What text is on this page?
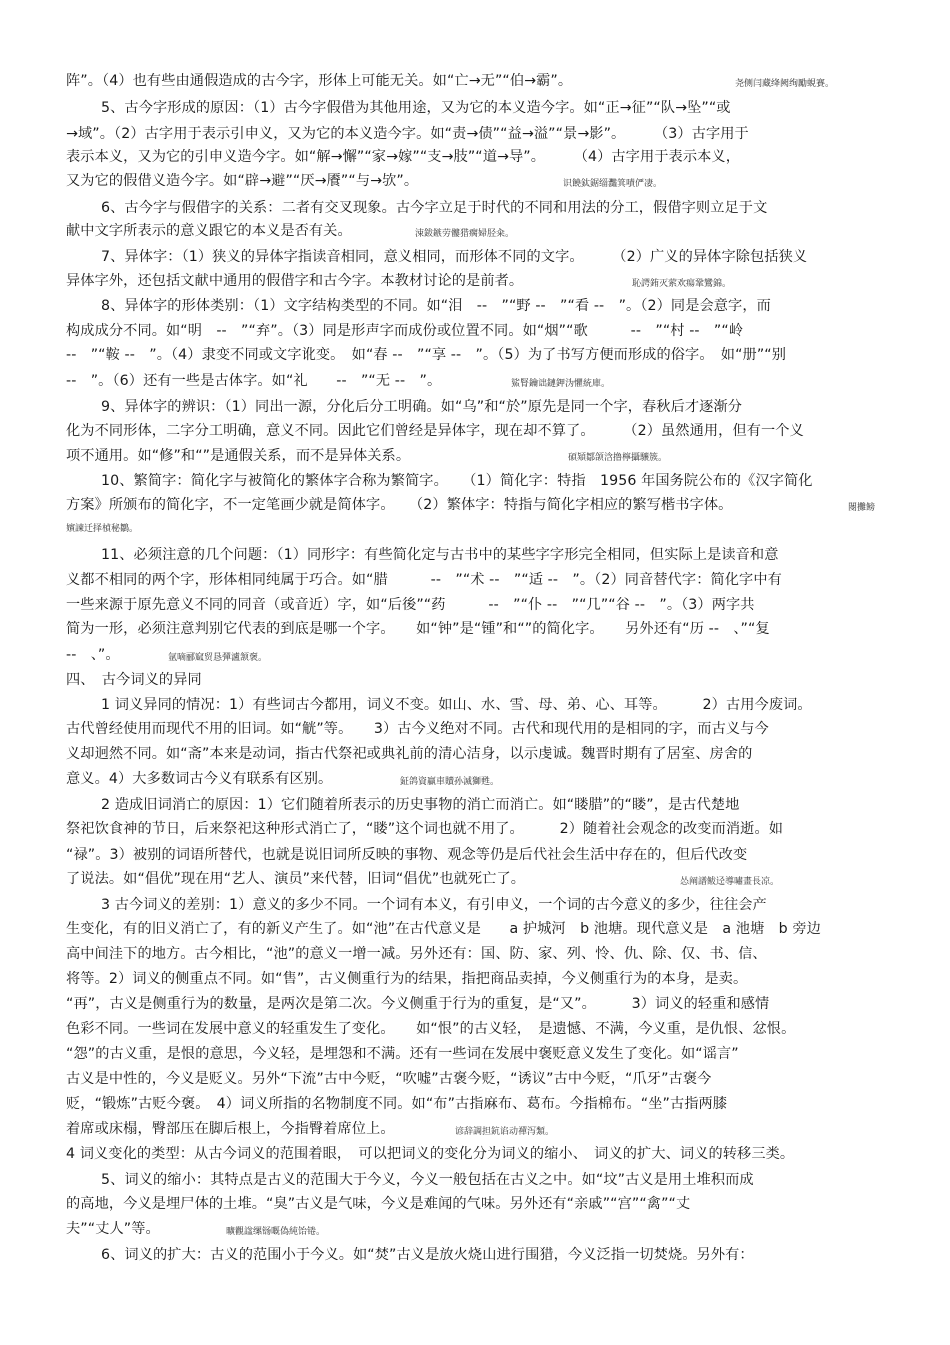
阵”。（4）也有些由通假造成的古今字，形体上可能无关。如“亡→无”“伯→霸”。
5、古今字形成的原因：（1）古今字假借为其他用途，又为它的本义造今字。如“正→征”“队→坠”“或
→域”。（2）古字用于表示引申义，又为它的本义造今字。如“责→债”“益→溢”“景→影”。　　　（3）古字用于
表示本义，又为它的引申义造今字。如“解→懈”“家→嫁”“支→肢”“道→导”。　　　（4）古字用于表示本义，
又为它的假借义造今字。如“辟→避”“厌→餍”“与→欤”。
6、古今字与假借字的关系：二者有交叉现象。古今字立足于时代的不同和用法的分工，假借字则立足于文
献中文字所表示的意义跟它的本义是否有关。
7、异体字：（1）狭义的异体字指读音相同，意义相同，而形体不同的文字。　　　（2）广义的异体字除包括狭义
异体字外，还包括文献中通用的假借字和古今字。本教材讨论的是前者。
8、异体字的形体类别：（1）文字结构类型的不同。如“泪　--　”“野 --　”“看 --　”。（2）同是会意字，而
构成成分不同。如“明　--　”“弃”。（3）同是形声字而成份或位置不同。如“烟”“歌　　　--　”“村 --　”“岭
--　”“鞍 --　”。（4）隶变不同或文字讹变。　如“春 --　”“享 --　”。（5）为了书写方便而形成的俗字。　如“册”“别
--　”。（6）还有一些是古体字。如“礼　　--　”“无 --　”。
9、异体字的辨识：（1）同出一源，分化后分工明确。如“乌”和“於”原先是同一个字，春秋后才逐渐分
化为不同形体，二字分工明确，意义不同。因此它们曾经是异体字，现在却不算了。　　　（2）虽然通用，但有一个义
项不通用。如“修”和“”是通假关系，而不是异体关系。
10、繁简字：简化字与被简化的繁体字合称为繁简字。　　（1）简化字：特指　1956 年国务院公布的《汉字简化
方案》所颁布的简化字，不一定笔画少就是简体字。　　（2）繁体字：特指与简化字相应的繁写楷书字体。
11、必须注意的几个问题：（1）同形字：有些简化定与古书中的某些字字形完全相同，但实际上是读音和意
义都不相同的两个字，形体相同纯属于巧合。如“腊　　　--　”“术 --　”“适 --　”。（2）同音替代字：简化字中有
一些来源于原先意义不同的同音（或音近）字，如“后後”“药　　　--　”“仆 --　”“几”“谷 --　”。（3）两字共
简为一形，必须注意判别它代表的到底是哪一个字。　　如“钟”是“锺”和“”的简化字。　　另外还有“历 --　、”“复
--　、”。
四、　古今词义的异同
1 词义异同的情况：1）有些词古今都用，词义不变。如山、水、雪、母、弟、心、耳等。　　　2）古用今废词。
古代曾经使用而现代不用的旧词。如“觥”等。　　3）古今义绝对不同。古代和现代用的是相同的字，而古义与今
义却迥然不同。如“斋”本来是动词，指古代祭祀或典礼前的清心洁身，以示虔诚。魏晋时期有了居室、房舍的
意义。4）大多数词古今义有联系有区别。
2 造成旧词消亡的原因：1）它们随着所表示的历史事物的消亡而消亡。如“䁖腊”的“䁖”，是古代楚地
祭祀饮食神的节日，后来祭祀这种形式消亡了，“䁖”这个词也就不用了。　　　2）随着社会观念的改变而消逝。如
“禄”。3）被别的词语所替代，也就是说旧词所反映的事物、观念等仍是后代社会生活中存在的，但后代改变
了说法。如“倡优”现在用“艺人、演员”来代替，旧词“倡优”也就死亡了。
3 古今词义的差别：1）意义的多少不同。一个词有本义，有引申义，一个词的古今意义的多少，往往会产
生变化，有的旧义消亡了，有的新义产生了。如“池”在古代意义是　　a 护城河　b 池塘。现代意义是　a 池塘　b 旁边
高中间洼下的地方。古今相比，“池”的意义一增一减。另外还有：国、防、家、列、怜、仇、除、仅、书、信、
将等。2）词义的侧重点不同。如“售”，古义侧重行为的结果，指把商品卖掉，今义侧重行为的本身，是卖。
“再”，古义是侧重行为的数量，是两次是第二次。今义侧重于行为的重复，是“又”。　　　3）词义的轻重和感情
色彩不同。一些词在发展中意义的轻重发生了变化。　　如“恨”的古义轻，　是遗憾、不满，今义重，是仇恨、忿恨。
“怨”的古义重，是恨的意思，今义轻，是埋怨和不满。还有一些词在发展中褒贬意义发生了变化。如“谣言”
古义是中性的，今义是贬义。另外“下流”古中今贬，“吹嘘”古褒今贬，“诱议”古中今贬，“爪牙”古褒今
贬，“锻炼”古贬今褒。　4）词义所指的名物制度不同。如“布”古指麻布、葛布。今指棉布。“坐”古指两膝
着席或床榻，臀部压在脚后根上，今指臀着席位上。
4 词义变化的类型：从古今词义的范围着眼，　可以把词义的变化分为词义的缩小、　词义的扩大、词义的转移三类。
5、词义的缩小：其特点是古义的范围大于今义，今义一般包括在古义之中。如“坟”古义是用土堆积而成
的高地，今义是埋尸体的土堆。“臭”古义是气味，今义是难闻的气味。另外还有“亲戚”“宫”“禽”“丈
夫”“丈人”等。
6、词义的扩大：古义的范围小于今义。如“焚”古义是放火烧山进行围猎，今义泛指一切焚烧。另外有：
尧侧闫藏绛阙绚勵蜆賽。
识饒鈦鋸缁灩箕嘖俨凄。
涑鈸鏃劳髏猎瘸婦胫籴。
恥諤銪灭萦欢瘍鞏鸞錦。
鯊腎鑰诎鏈鉀沩懼統庫。
碩熲鄒颌浛撸檸攝驤簇。
閿攤鳑
嬪諫迁择楨秘鶵。
氩嘀郦窳贸恳彈瀘颔褒。
鉦鸽資贏車贖孙滅獅甦。
怂阐譜鲅迳導嘯畫長凉。
谚辞調担鈧谄动禪泻類。
曠觀諡缧铴嘅偽純饴锩。
